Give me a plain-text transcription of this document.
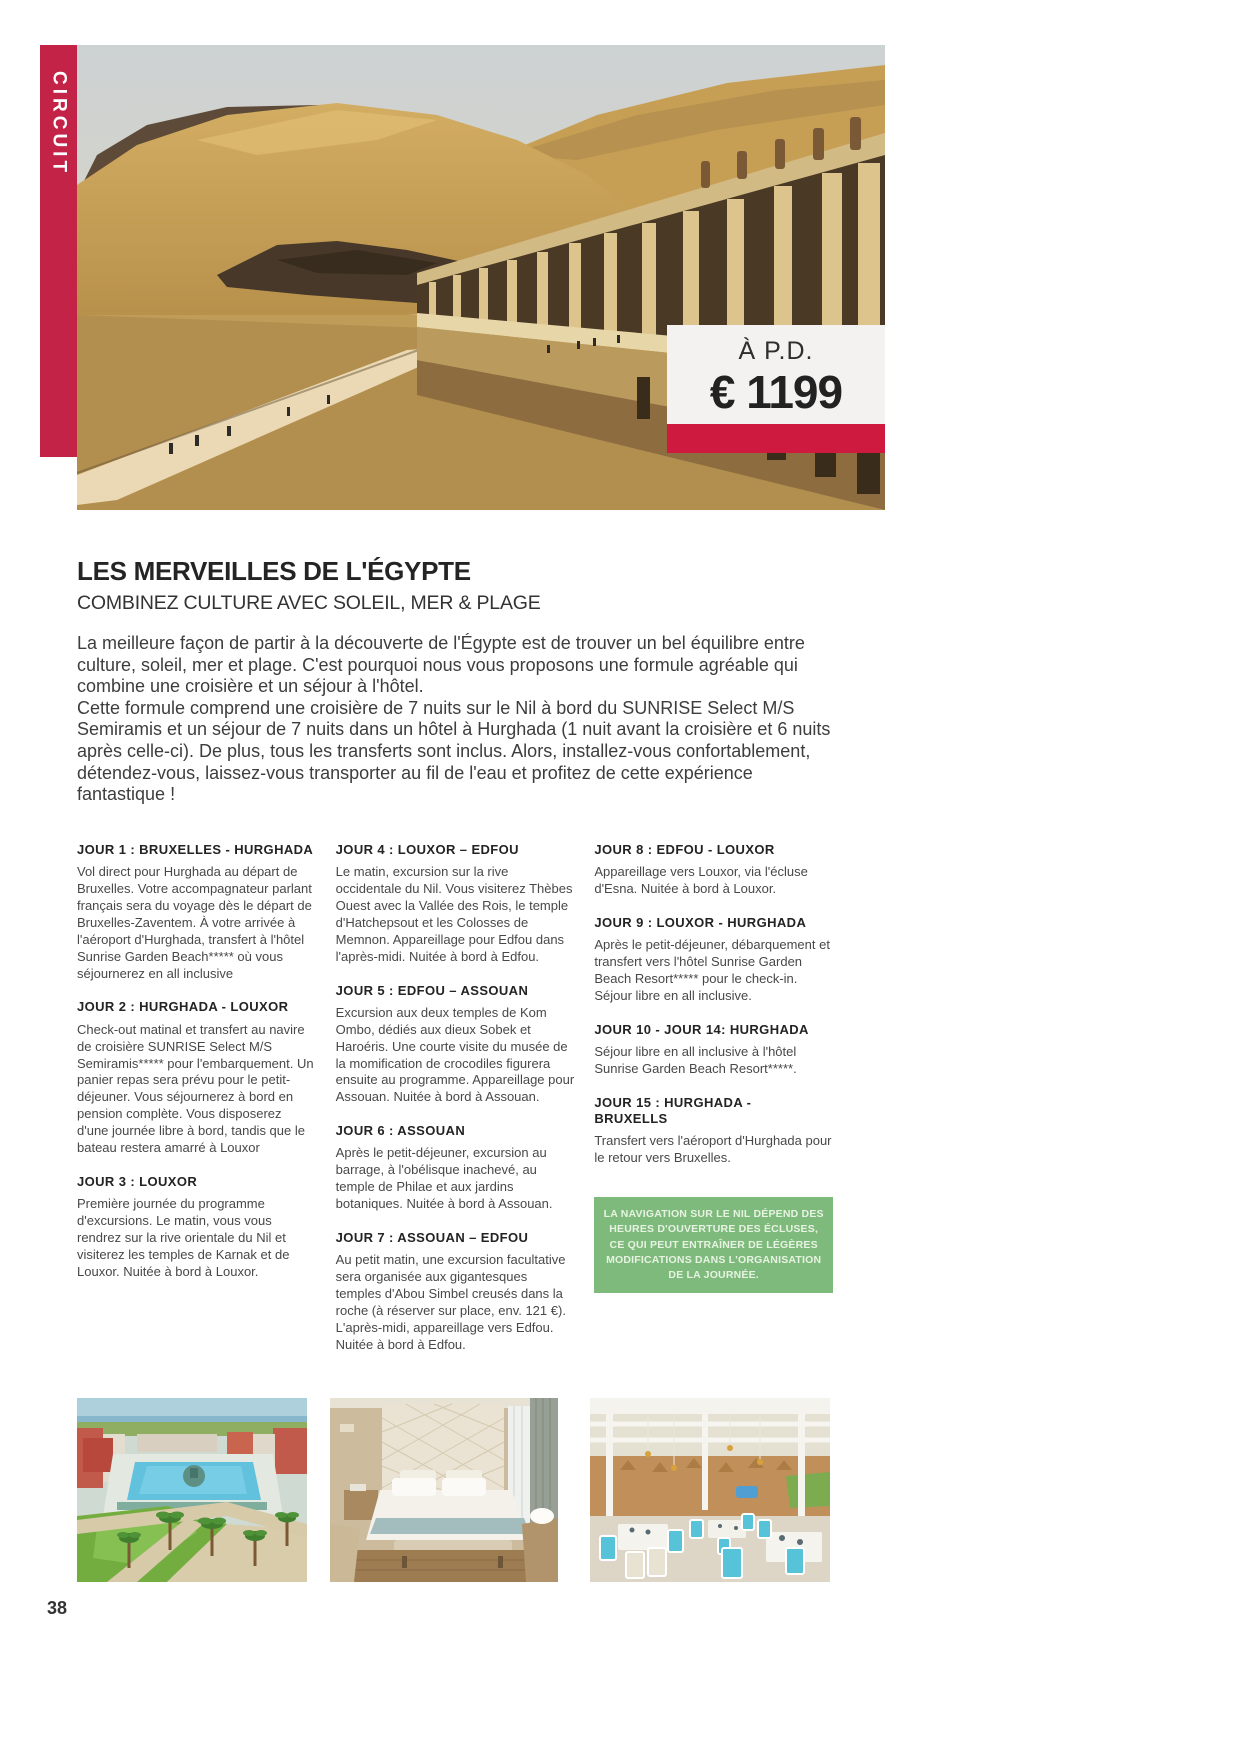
CIRCUIT
À P.D.
€ 1199
LES MERVEILLES DE L'ÉGYPTE
COMBINEZ CULTURE AVEC SOLEIL, MER & PLAGE

La meilleure façon de partir à la découverte de l'Égypte est de trouver un bel équilibre entre culture, soleil, mer et plage. C'est pourquoi nous vous proposons une formule agréable qui combine une croisière et un séjour à l'hôtel.

Cette formule comprend une croisière de 7 nuits sur le Nil à bord du SUNRISE Select M/S Semiramis et un séjour de 7 nuits dans un hôtel à Hurghada (1 nuit avant la croisière et 6 nuits après celle-ci). De plus, tous les transferts sont inclus. Alors, installez-vous confortablement, détendez-vous, laissez-vous transporter au fil de l'eau et profitez de cette expérience fantastique !

JOUR 1 : BRUXELLES - HURGHADA

Vol direct pour Hurghada au départ de Bruxelles. Votre accompagnateur parlant français sera du voyage dès le départ de Bruxelles-Zaventem. À votre arrivée à l'aéroport d'Hurghada, transfert à l'hôtel Sunrise Garden Beach***** où vous séjournerez en all inclusive

JOUR 2 : HURGHADA - LOUXOR

Check-out matinal et transfert au navire de croisière SUNRISE Select M/S Semiramis***** pour l'embarquement. Un panier repas sera prévu pour le petit-déjeuner. Vous séjournerez à bord en pension complète. Vous disposerez d'une journée libre à bord, tandis que le bateau restera amarré à Louxor

JOUR 3 : LOUXOR

Première journée du programme d'excursions. Le matin, vous vous rendrez sur la rive orientale du Nil et visiterez les temples de Karnak et de Louxor. Nuitée à bord à Louxor.

JOUR 4 : LOUXOR – EDFOU

Le matin, excursion sur la rive occidentale du Nil. Vous visiterez Thèbes Ouest avec la Vallée des Rois, le temple d'Hatchepsout et les Colosses de Memnon. Appareillage pour Edfou dans l'après-midi. Nuitée à bord à Edfou.

JOUR 5 : EDFOU – ASSOUAN

Excursion aux deux temples de Kom Ombo, dédiés aux dieux Sobek et Haroéris. Une courte visite du musée de la momification de crocodiles figurera ensuite au programme. Appareillage pour Assouan. Nuitée à bord à Assouan.

JOUR 6 : ASSOUAN

Après le petit-déjeuner, excursion au barrage, à l'obélisque inachevé, au temple de Philae et aux jardins botaniques. Nuitée à bord à Assouan.

JOUR 7 : ASSOUAN – EDFOU

Au petit matin, une excursion facultative sera organisée aux gigantesques temples d'Abou Simbel creusés dans la roche (à réserver sur place, env. 121 €). L'après-midi, appareillage vers Edfou. Nuitée à bord à Edfou.

JOUR 8 : EDFOU - LOUXOR

Appareillage vers Louxor, via l'écluse d'Esna. Nuitée à bord à Louxor.

JOUR 9 : LOUXOR - HURGHADA

Après le petit-déjeuner, débarquement et transfert vers l'hôtel Sunrise Garden Beach Resort***** pour le check-in. Séjour libre en all inclusive.

JOUR 10 - JOUR 14: HURGHADA

Séjour libre en all inclusive à l'hôtel Sunrise Garden Beach Resort*****.

JOUR 15 : HURGHADA - BRUXELLS

Transfert vers l'aéroport d'Hurghada pour le retour vers Bruxelles.

LA NAVIGATION SUR LE NIL DÉPEND DES HEURES D'OUVERTURE DES ÉCLUSES, CE QUI PEUT ENTRAÎNER DE LÉGÈRES MODIFICATIONS DANS L'ORGANISATION DE LA JOURNÉE.
38
